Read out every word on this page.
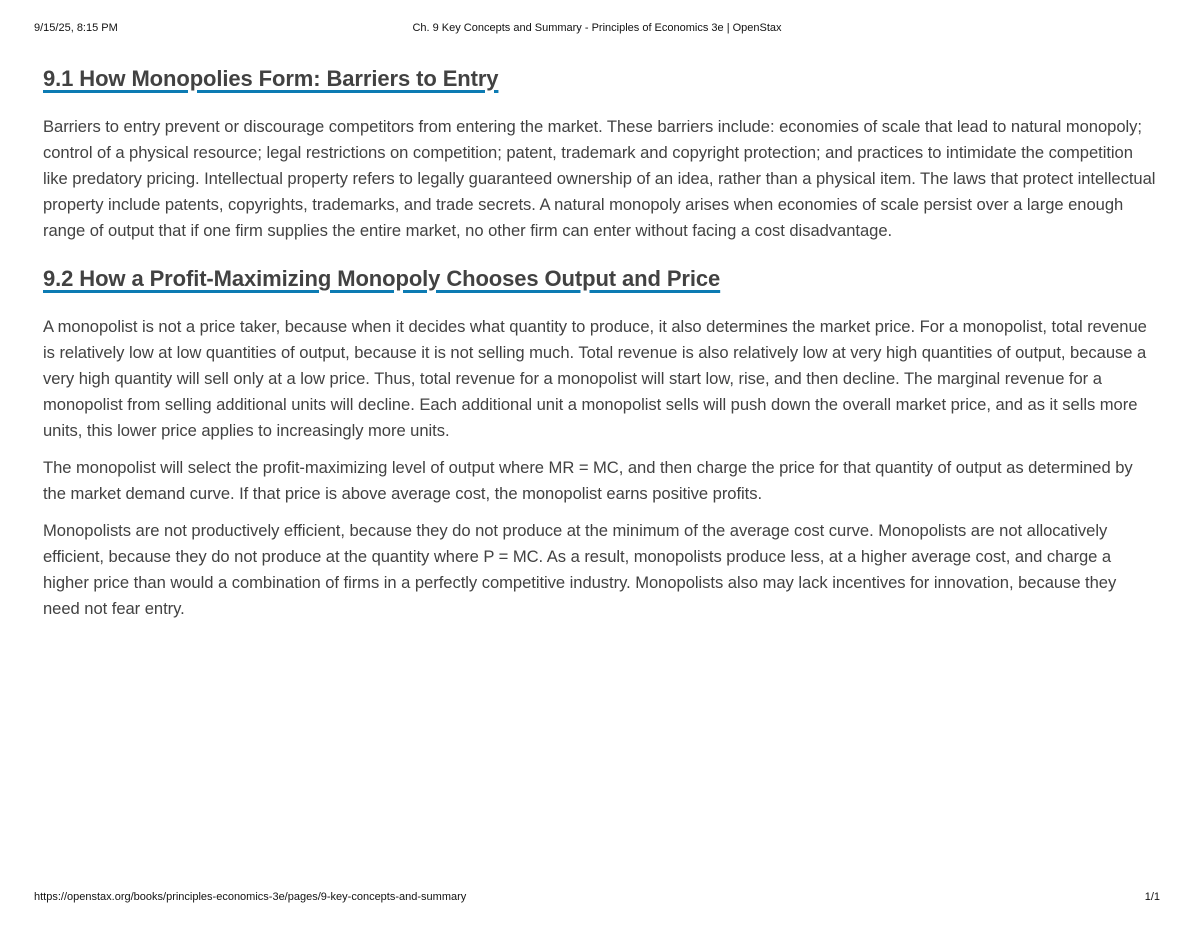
9/15/25, 8:15 PM	Ch. 9 Key Concepts and Summary - Principles of Economics 3e | OpenStax
9.1 How Monopolies Form: Barriers to Entry

Barriers to entry prevent or discourage competitors from entering the market. These barriers include: economies of scale that lead to natural monopoly; control of a physical resource; legal restrictions on competition; patent, trademark and copyright protection; and practices to intimidate the competition like predatory pricing. Intellectual property refers to legally guaranteed ownership of an idea, rather than a physical item. The laws that protect intellectual property include patents, copyrights, trademarks, and trade secrets. A natural monopoly arises when economies of scale persist over a large enough range of output that if one firm supplies the entire market, no other firm can enter without facing a cost disadvantage.

9.2 How a Profit-Maximizing Monopoly Chooses Output and Price

A monopolist is not a price taker, because when it decides what quantity to produce, it also determines the market price. For a monopolist, total revenue is relatively low at low quantities of output, because it is not selling much. Total revenue is also relatively low at very high quantities of output, because a very high quantity will sell only at a low price. Thus, total revenue for a monopolist will start low, rise, and then decline. The marginal revenue for a monopolist from selling additional units will decline. Each additional unit a monopolist sells will push down the overall market price, and as it sells more units, this lower price applies to increasingly more units.

The monopolist will select the profit-maximizing level of output where MR = MC, and then charge the price for that quantity of output as determined by the market demand curve. If that price is above average cost, the monopolist earns positive profits.

Monopolists are not productively efficient, because they do not produce at the minimum of the average cost curve. Monopolists are not allocatively efficient, because they do not produce at the quantity where P = MC. As a result, monopolists produce less, at a higher average cost, and charge a higher price than would a combination of firms in a perfectly competitive industry. Monopolists also may lack incentives for innovation, because they need not fear entry.

https://openstax.org/books/principles-economics-3e/pages/9-key-concepts-and-summary	1/1
